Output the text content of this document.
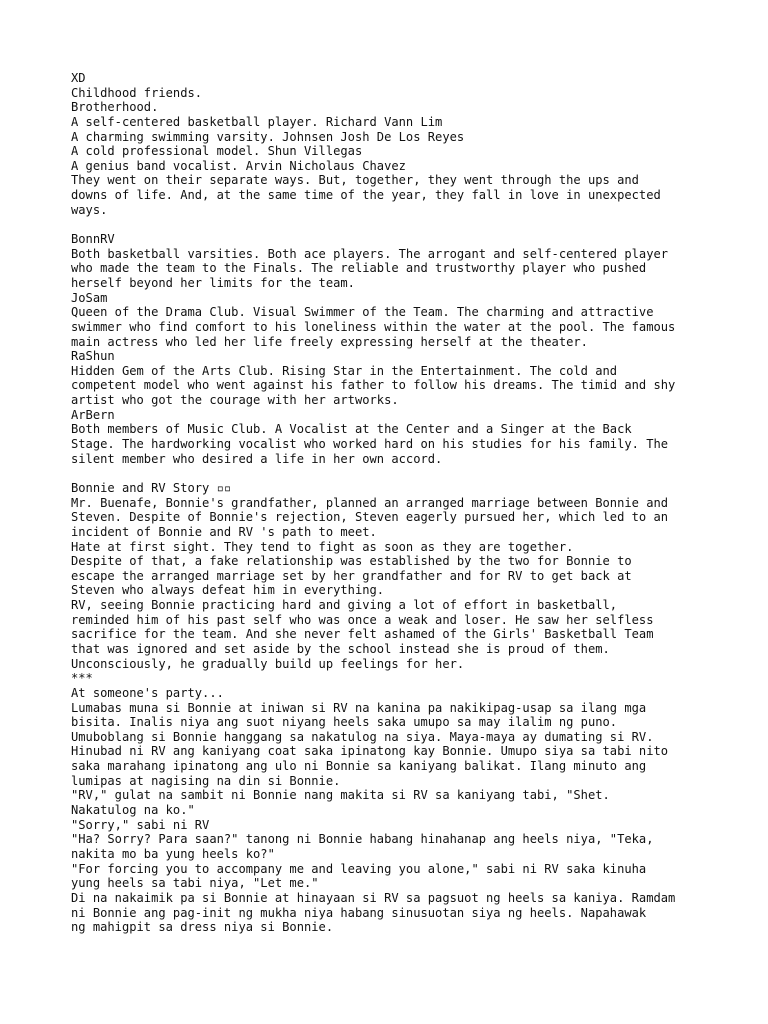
XD
Childhood friends.
Brotherhood.
A self-centered basketball player. Richard Vann Lim
A charming swimming varsity. Johnsen Josh De Los Reyes
A cold professional model. Shun Villegas
A genius band vocalist. Arvin Nicholaus Chavez
They went on their separate ways. But, together, they went through the ups and
downs of life. And, at the same time of the year, they fall in love in unexpected
ways.
BonnRV
Both basketball varsities. Both ace players. The arrogant and self-centered player
who made the team to the Finals. The reliable and trustworthy player who pushed
herself beyond her limits for the team.
JoSam
Queen of the Drama Club. Visual Swimmer of the Team. The charming and attractive
swimmer who find comfort to his loneliness within the water at the pool. The famous
main actress who led her life freely expressing herself at the theater.
RaShun
Hidden Gem of the Arts Club. Rising Star in the Entertainment. The cold and
competent model who went against his father to follow his dreams. The timid and shy
artist who got the courage with her artworks.
ArBern
Both members of Music Club. A Vocalist at the Center and a Singer at the Back
Stage. The hardworking vocalist who worked hard on his studies for his family. The
silent member who desired a life in her own accord.
Bonnie and RV Story ▫▫
Mr. Buenafe, Bonnie's grandfather, planned an arranged marriage between Bonnie and
Steven. Despite of Bonnie's rejection, Steven eagerly pursued her, which led to an
incident of Bonnie and RV 's path to meet.
Hate at first sight. They tend to fight as soon as they are together.
Despite of that, a fake relationship was established by the two for Bonnie to
escape the arranged marriage set by her grandfather and for RV to get back at
Steven who always defeat him in everything.
RV, seeing Bonnie practicing hard and giving a lot of effort in basketball,
reminded him of his past self who was once a weak and loser. He saw her selfless
sacrifice for the team. And she never felt ashamed of the Girls' Basketball Team
that was ignored and set aside by the school instead she is proud of them.
Unconsciously, he gradually build up feelings for her.
***
At someone's party...
Lumabas muna si Bonnie at iniwan si RV na kanina pa nakikipag-usap sa ilang mga
bisita. Inalis niya ang suot niyang heels saka umupo sa may ilalim ng puno.
Umuboblang si Bonnie hanggang sa nakatulog na siya. Maya-maya ay dumating si RV.
Hinubad ni RV ang kaniyang coat saka ipinatong kay Bonnie. Umupo siya sa tabi nito
saka marahang ipinatong ang ulo ni Bonnie sa kaniyang balikat. Ilang minuto ang
lumipas at nagising na din si Bonnie.
"RV," gulat na sambit ni Bonnie nang makita si RV sa kaniyang tabi, "Shet.
Nakatulog na ko."
"Sorry," sabi ni RV
"Ha? Sorry? Para saan?" tanong ni Bonnie habang hinahanap ang heels niya, "Teka,
nakita mo ba yung heels ko?"
"For forcing you to accompany me and leaving you alone," sabi ni RV saka kinuha
yung heels sa tabi niya, "Let me."
Di na nakaimik pa si Bonnie at hinayaan si RV sa pagsuot ng heels sa kaniya. Ramdam
ni Bonnie ang pag-init ng mukha niya habang sinusuotan siya ng heels. Napahawak
ng mahigpit sa dress niya si Bonnie.
